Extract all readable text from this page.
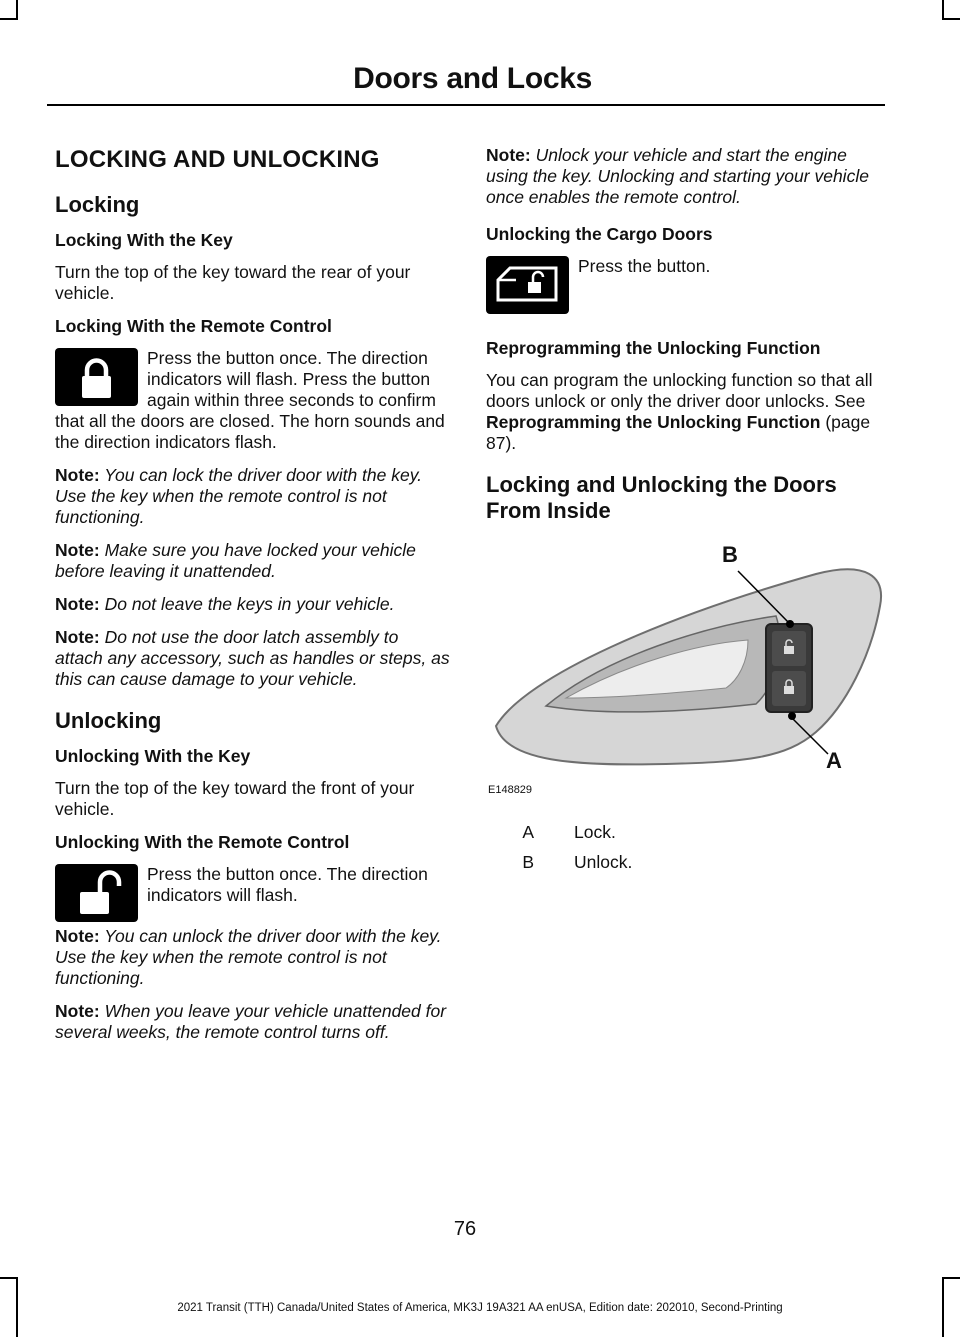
Doors and Locks
LOCKING AND UNLOCKING
Locking
Locking With the Key

Turn the top of the key toward the rear of your vehicle.

Locking With the Remote Control

Press the button once. The direction indicators will flash. Press the button again within three seconds to confirm that all the doors are closed. The horn sounds and the direction indicators flash.

Note: You can lock the driver door with the key. Use the key when the remote control is not functioning.

Note: Make sure you have locked your vehicle before leaving it unattended.

Note: Do not leave the keys in your vehicle.

Note: Do not use the door latch assembly to attach any accessory, such as handles or steps, as this can cause damage to your vehicle.

Unlocking
Unlocking With the Key

Turn the top of the key toward the front of your vehicle.

Unlocking With the Remote Control

Press the button once. The direction indicators will flash.

Note: You can unlock the driver door with the key. Use the key when the remote control is not functioning.

Note: When you leave your vehicle unattended for several weeks, the remote control turns off.

Note: Unlock your vehicle and start the engine using the key. Unlocking and starting your vehicle once enables the remote control.

Unlocking the Cargo Doors

Press the button.

Reprogramming the Unlocking Function

You can program the unlocking function so that all doors unlock or only the driver door unlocks. See Reprogramming the Unlocking Function (page 87).

Locking and Unlocking the Doors From Inside
B
A
E148829
A	Lock.
B	Unlock.
76
2021 Transit (TTH) Canada/United States of America, MK3J 19A321 AA enUSA, Edition date: 202010, Second-Printing
